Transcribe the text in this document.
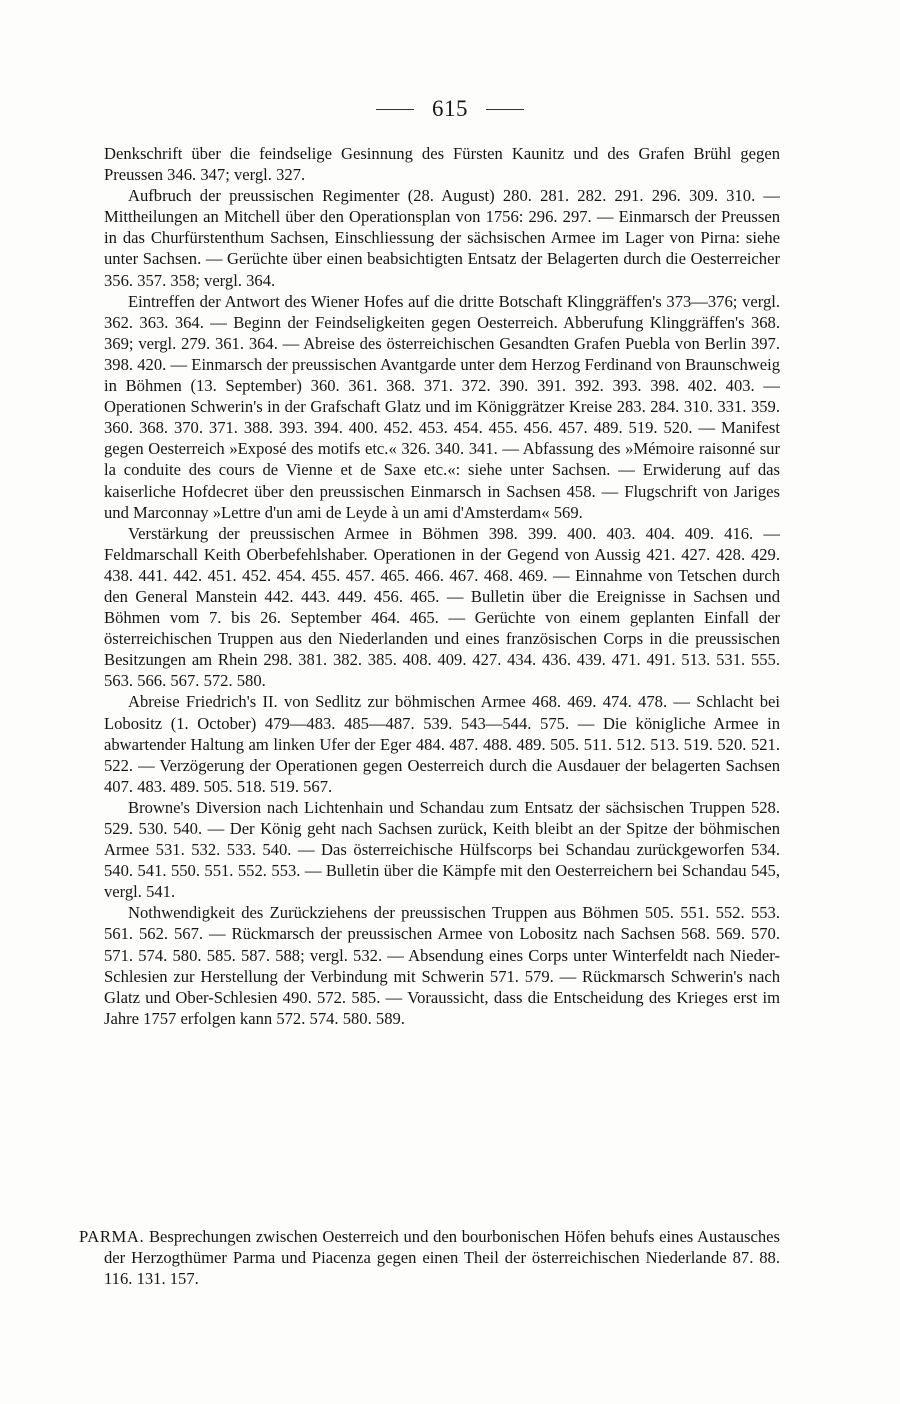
615

Denkschrift über die feindselige Gesinnung des Fürsten Kaunitz und des Grafen Brühl gegen Preussen 346. 347; vergl. 327.

Aufbruch der preussischen Regimenter (28. August) 280. 281. 282. 291. 296. 309. 310. — Mittheilungen an Mitchell über den Operationsplan von 1756: 296. 297. — Einmarsch der Preussen in das Churfürstenthum Sachsen, Einschliessung der sächsischen Armee im Lager von Pirna: siehe unter Sachsen. — Gerüchte über einen beabsichtigten Entsatz der Belagerten durch die Oesterreicher 356. 357. 358; vergl. 364.

Eintreffen der Antwort des Wiener Hofes auf die dritte Botschaft Klinggräffen's 373—376; vergl. 362. 363. 364. — Beginn der Feindseligkeiten gegen Oesterreich. Abberufung Klinggräffen's 368. 369; vergl. 279. 361. 364. — Abreise des österreichischen Gesandten Grafen Puebla von Berlin 397. 398. 420. — Einmarsch der preussischen Avantgarde unter dem Herzog Ferdinand von Braunschweig in Böhmen (13. September) 360. 361. 368. 371. 372. 390. 391. 392. 393. 398. 402. 403. — Operationen Schwerin's in der Grafschaft Glatz und im Königgrätzer Kreise 283. 284. 310. 331. 359. 360. 368. 370. 371. 388. 393. 394. 400. 452. 453. 454. 455. 456. 457. 489. 519. 520. — Manifest gegen Oesterreich »Exposé des motifs etc.« 326. 340. 341. — Abfassung des »Mémoire raisonné sur la conduite des cours de Vienne et de Saxe etc.«: siehe unter Sachsen. — Erwiderung auf das kaiserliche Hofdecret über den preussischen Einmarsch in Sachsen 458. — Flugschrift von Jariges und Marconnay »Lettre d'un ami de Leyde à un ami d'Amsterdam« 569.

Verstärkung der preussischen Armee in Böhmen 398. 399. 400. 403. 404. 409. 416. — Feldmarschall Keith Oberbefehlshaber. Operationen in der Gegend von Aussig 421. 427. 428. 429. 438. 441. 442. 451. 452. 454. 455. 457. 465. 466. 467. 468. 469. — Einnahme von Tetschen durch den General Manstein 442. 443. 449. 456. 465. — Bulletin über die Ereignisse in Sachsen und Böhmen vom 7. bis 26. September 464. 465. — Gerüchte von einem geplanten Einfall der österreichischen Truppen aus den Niederlanden und eines französischen Corps in die preussischen Besitzungen am Rhein 298. 381. 382. 385. 408. 409. 427. 434. 436. 439. 471. 491. 513. 531. 555. 563. 566. 567. 572. 580.

Abreise Friedrich's II. von Sedlitz zur böhmischen Armee 468. 469. 474. 478. — Schlacht bei Lobositz (1. October) 479—483. 485—487. 539. 543—544. 575. — Die königliche Armee in abwartender Haltung am linken Ufer der Eger 484. 487. 488. 489. 505. 511. 512. 513. 519. 520. 521. 522. — Verzögerung der Operationen gegen Oesterreich durch die Ausdauer der belagerten Sachsen 407. 483. 489. 505. 518. 519. 567.

Browne's Diversion nach Lichtenhain und Schandau zum Entsatz der sächsischen Truppen 528. 529. 530. 540. — Der König geht nach Sachsen zurück, Keith bleibt an der Spitze der böhmischen Armee 531. 532. 533. 540. — Das österreichische Hülfscorps bei Schandau zurückgeworfen 534. 540. 541. 550. 551. 552. 553. — Bulletin über die Kämpfe mit den Oesterreichern bei Schandau 545, vergl. 541.

Nothwendigkeit des Zurückziehens der preussischen Truppen aus Böhmen 505. 551. 552. 553. 561. 562. 567. — Rückmarsch der preussischen Armee von Lobositz nach Sachsen 568. 569. 570. 571. 574. 580. 585. 587. 588; vergl. 532. — Absendung eines Corps unter Winterfeldt nach Nieder-Schlesien zur Herstellung der Verbindung mit Schwerin 571. 579. — Rückmarsch Schwerin's nach Glatz und Ober-Schlesien 490. 572. 585. — Voraussicht, dass die Entscheidung des Krieges erst im Jahre 1757 erfolgen kann 572. 574. 580. 589.

PARMA. Besprechungen zwischen Oesterreich und den bourbonischen Höfen behufs eines Austausches der Herzogthümer Parma und Piacenza gegen einen Theil der österreichischen Niederlande 87. 88. 116. 131. 157.
